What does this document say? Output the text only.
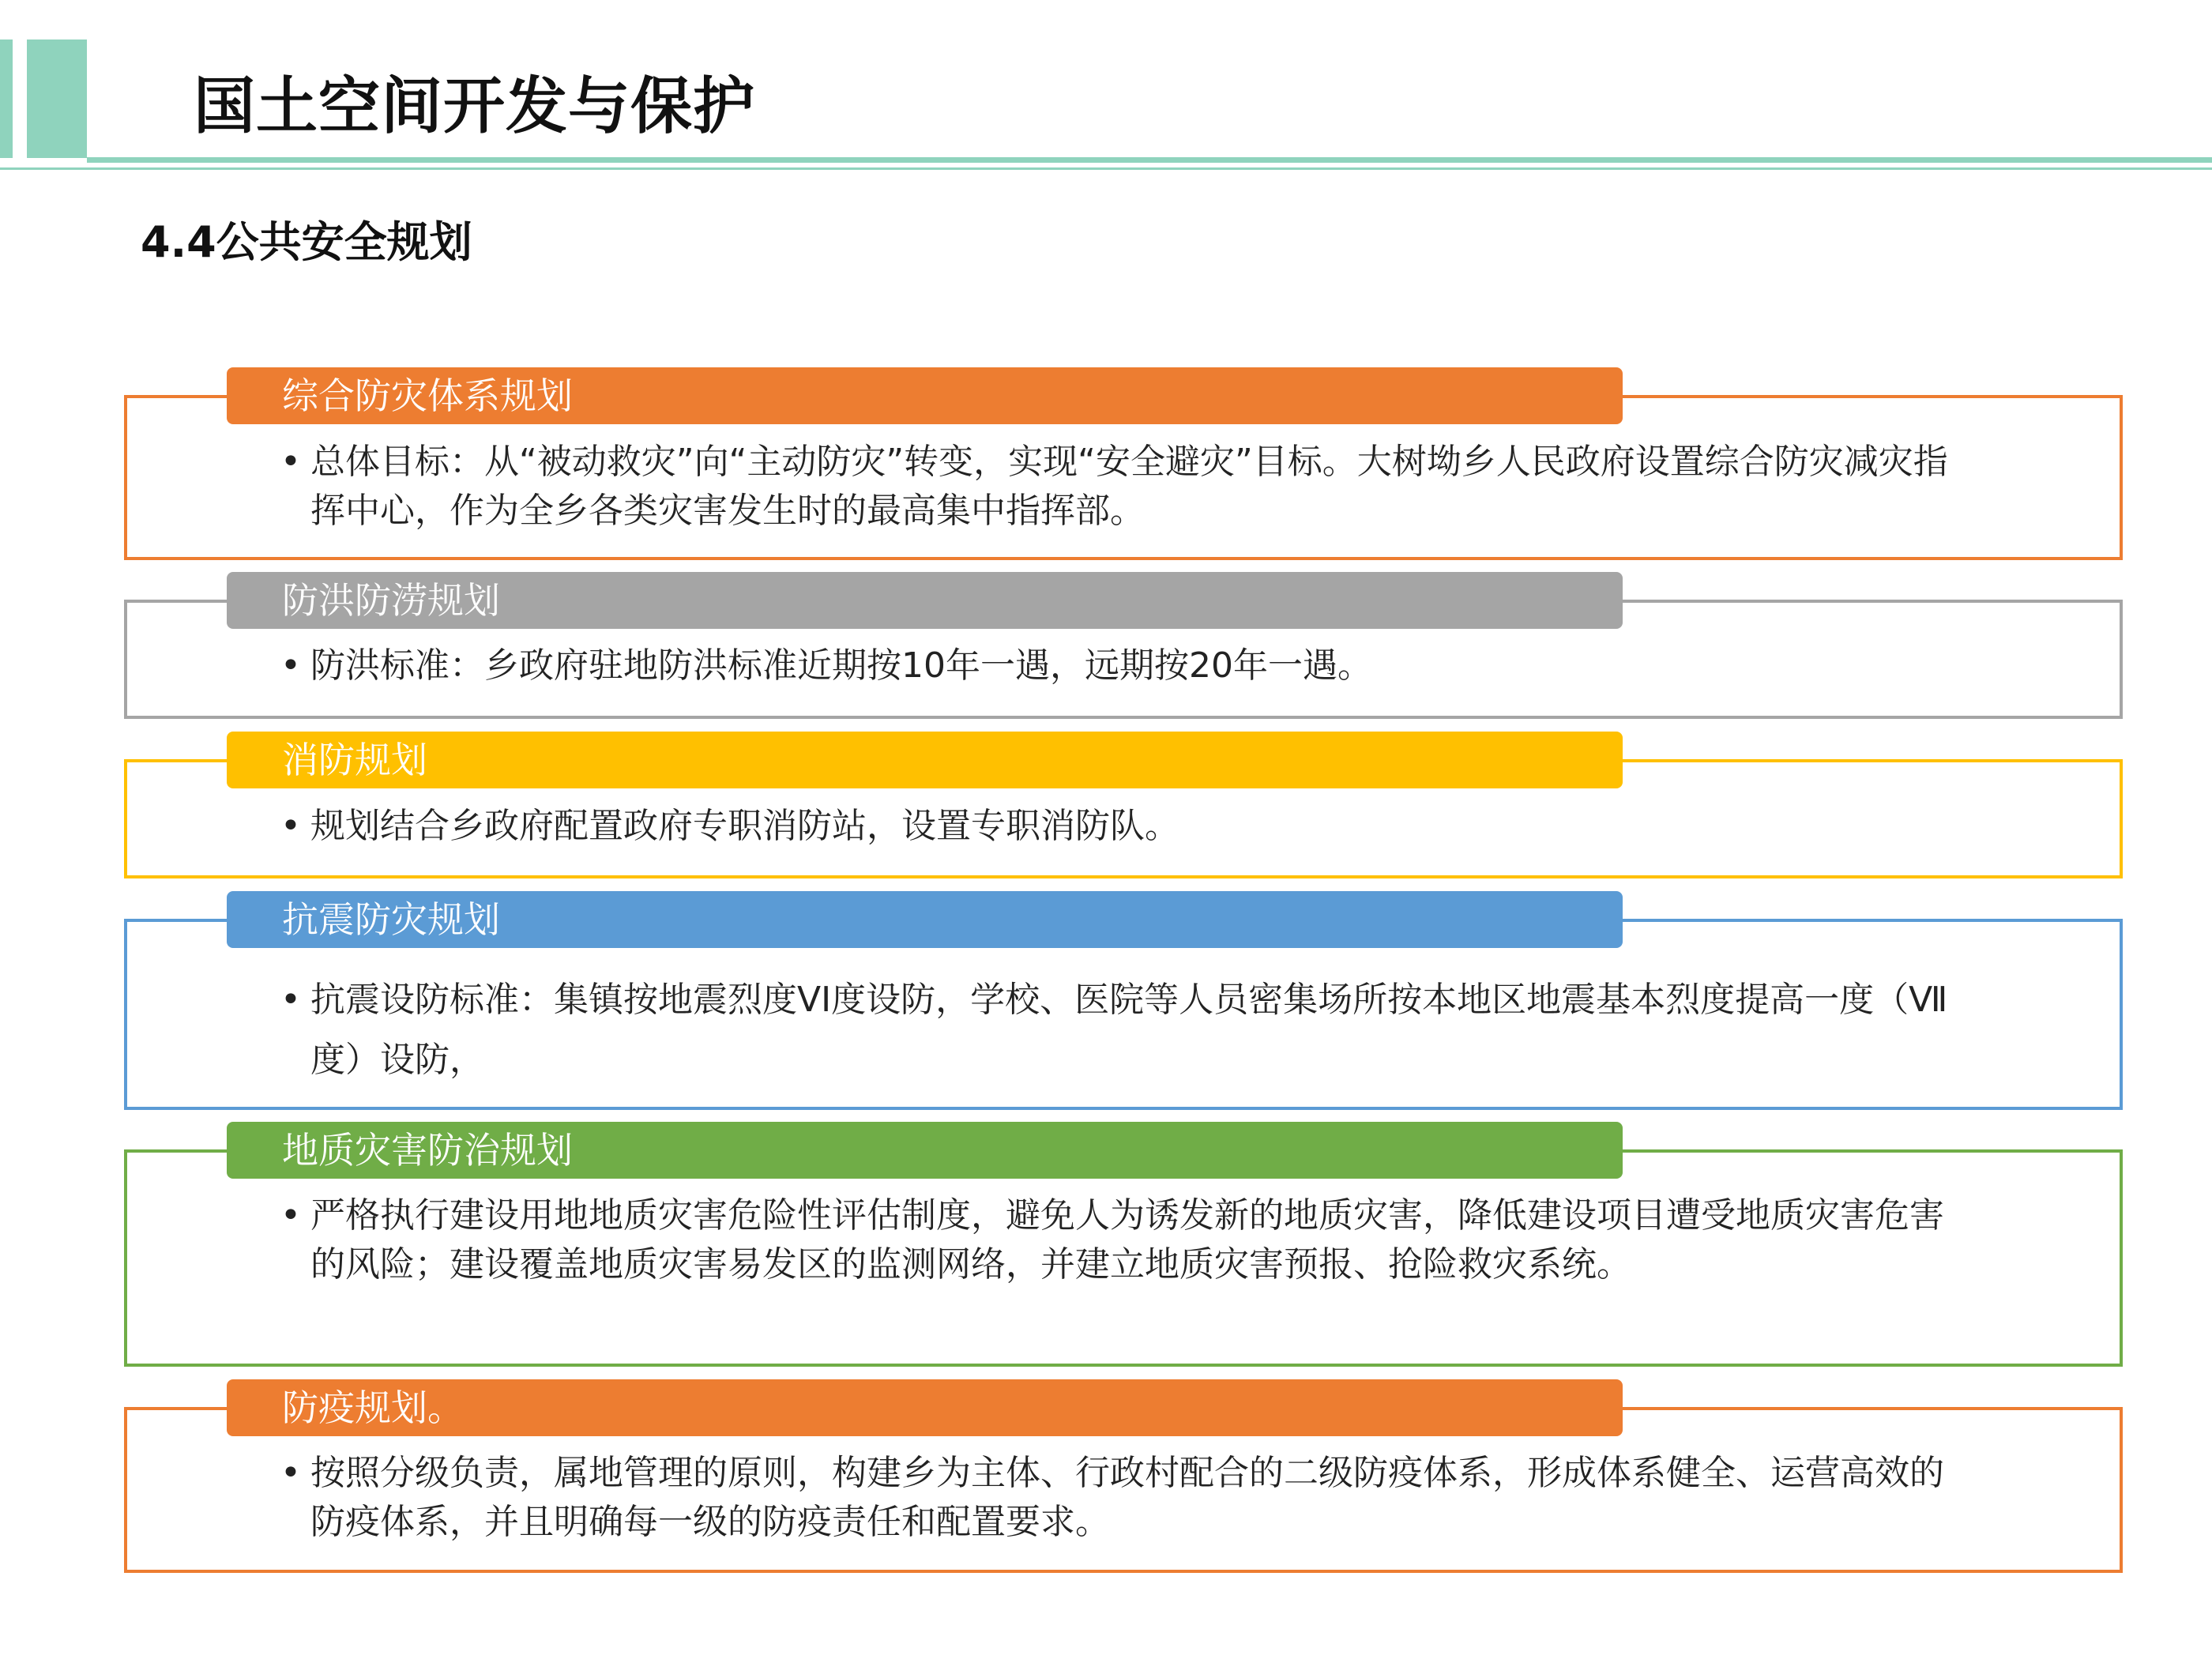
国土空间开发与保护
4.4公共安全规划
综合防灾体系规划
• 总体目标：从“被动救灾”向“主动防灾”转变，实现“安全避灾”目标。大树坳乡人民政府设置综合防灾减灾指挥中心，作为全乡各类灾害发生时的最高集中指挥部。
防洪防涝规划
• 防洪标准：乡政府驻地防洪标准近期按10年一遇，远期按20年一遇。
消防规划
• 规划结合乡政府配置政府专职消防站，设置专职消防队。
抗震防灾规划
• 抗震设防标准：集镇按地震烈度VI度设防，学校、医院等人员密集场所按本地区地震基本烈度提高一度（Ⅶ度）设防，
地质灾害防治规划
• 严格执行建设用地地质灾害危险性评估制度，避免人为诱发新的地质灾害，降低建设项目遭受地质灾害危害的风险；建设覆盖地质灾害易发区的监测网络，并建立地质灾害预报、抢险救灾系统。
防疫规划。
• 按照分级负责，属地管理的原则，构建乡为主体、行政村配合的二级防疫体系，形成体系健全、运营高效的防疫体系，并且明确每一级的防疫责任和配置要求。
